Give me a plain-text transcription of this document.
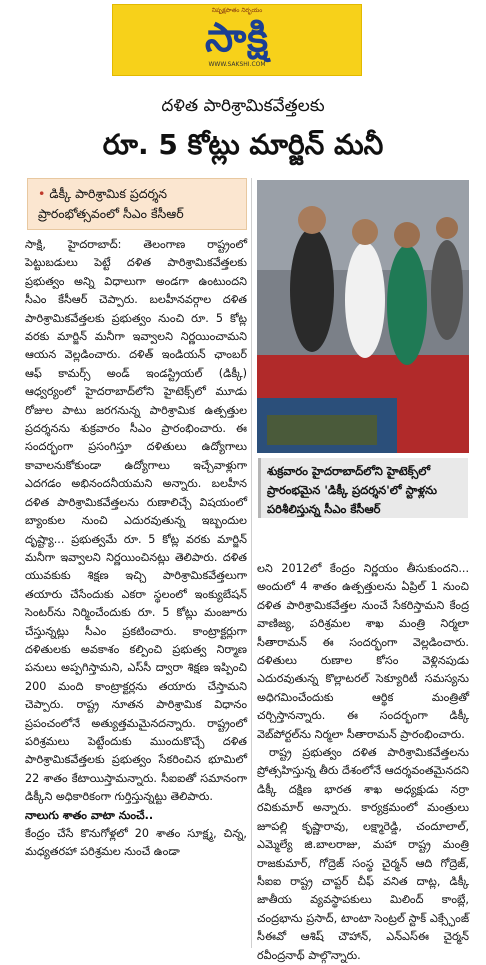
నిష్పక్షపాతం నిర్భయం
సాక్షి
WWW.SAKSHI.COM
దళిత పారిశ్రామికవేత్తలకు
రూ. 5 కోట్లు మార్జిన్ మనీ
• డిక్కీ పారిశ్రామిక ప్రదర్శన
ప్రారంభోత్సవంలో సీఎం కేసీఆర్

సాక్షి, హైదరాబాద్: తెలంగాణ రాష్ట్రంలో పెట్టుబడులు పెట్టే దళిత పారిశ్రామికవేత్తలకు ప్రభుత్వం అన్ని విధాలుగా అండగా ఉంటుందని సీఎం కేసీఆర్ చెప్పారు. బలహీనవర్గాల దళిత పారిశ్రామికవేత్తలకు ప్రభుత్వం నుంచి రూ. 5 కోట్ల వరకు మార్జిన్ మనీగా ఇవ్వాలని నిర్ణయించామని ఆయన వెల్లడించారు. దళిత్ ఇండియన్ ఛాంబర్ ఆఫ్ కామర్స్ అండ్ ఇండస్ట్రియల్ (డిక్కీ) ఆధ్వర్యంలో హైదరాబాద్‌లోని హైటెక్స్‌లో మూడు రోజుల పాటు జరగనున్న పారిశ్రామిక ఉత్పత్తుల ప్రదర్శనను శుక్రవారం సీఎం ప్రారంభించారు. ఈ సందర్భంగా ప్రసంగిస్తూ దళితులు ఉద్యోగాలు కావాలనుకోకుండా ఉద్యోగాలు ఇచ్చేవాళ్లుగా ఎదగడం అభినందనీయమని అన్నారు. బలహీన దళిత పారిశ్రామికవేత్తలను రుణాలిచ్చే విషయంలో బ్యాంకుల నుంచి ఎదురవుతున్న ఇబ్బందుల దృష్ట్యా... ప్రభుత్వమే రూ. 5 కోట్ల వరకు మార్జిన్ మనీగా ఇవ్వాలని నిర్ణయించినట్లు తెలిపారు. దళిత యువకుకు శిక్షణ ఇచ్చి పారిశ్రామికవేత్తలుగా తయారు చేసేందుకు ఎకరా స్థలంలో ఇంక్యుబేషన్ సెంటర్‌ను నిర్మించేందుకు రూ. 5 కోట్లు మంజూరు చేస్తున్నట్లు సీఎం ప్రకటించారు. కాంట్రాక్టర్లుగా దళితులకు అవకాశం కల్పించి ప్రభుత్వ నిర్మాణ పనులు అప్పగిస్తామని, ఎస్‌సీ ద్వారా శిక్షణ ఇప్పించి 200 మంది కాంట్రాక్టర్లను తయారు చేస్తామని చెప్పారు. రాష్ట్ర నూతన పారిశ్రామిక విధానం ప్రపంచంలోనే అత్యుత్తమమైనదన్నారు. రాష్ట్రంలో పరిశ్రమలు పెట్టేందుకు ముందుకొచ్చే దళిత పారిశ్రామికవేత్తలకు ప్రభుత్వం సేకరించిన భూమిలో 22 శాతం కేటాయిస్తామన్నారు. సీఐఐతో సమానంగా డిక్కీని అధికారికంగా గుర్తిస్తున్నట్టు తెలిపారు.

నాలుగు శాతం వాటా నుంచే..

కేంద్రం చేసే కొనుగోళ్లలో 20 శాతం సూక్ష్మ, చిన్న, మధ్యతరహా పరిశ్రమల నుంచే ఉండా

శుక్రవారం హైదరాబాద్‌లోని హైటెక్స్‌లో ప్రారంభమైన 'డిక్కీ ప్రదర్శన'లో స్టాళ్లను పరిశీలిస్తున్న సీఎం కేసీఆర్

లని 2012లో కేంద్రం నిర్ణయం తీసుకుందని... అందులో 4 శాతం ఉత్పత్తులను ఏప్రిల్ 1 నుంచి దళిత పారిశ్రామికవేత్తల నుంచే సేకరిస్తామని కేంద్ర వాణిజ్య, పరిశ్రమల శాఖ మంత్రి నిర్మలా సీతారామన్ ఈ సందర్భంగా వెల్లడించారు. దళితులు రుణాల కోసం వెళ్లినపుడు ఎదురవుతున్న కొల్లాటరల్ సెక్యూరిటీ సమస్యను అధిగమించేందుకు ఆర్థిక మంత్రితో చర్చిస్తానన్నారు. ఈ సందర్భంగా డిక్కీ వెబ్‌పోర్టల్‌ను నిర్మలా సీతారామన్ ప్రారంభించారు.

రాష్ట్ర ప్రభుత్వం దళిత పారిశ్రామికవేత్తలను ప్రోత్సహిస్తున్న తీరు దేశంలోనే ఆదర్శవంతమైనదని డిక్కీ దక్షిణ భారత శాఖ అధ్యక్షుడు నర్రా రవికుమార్ అన్నారు. కార్యక్రమంలో మంత్రులు జూపల్లి కృష్ణారావు, లక్ష్మారెడ్డి, చందూలాల్, ఎమ్మెల్యే జి.బాలరాజు, మహా రాష్ట్ర మంత్రి రాజకుమార్, గోద్రెజ్ సంస్థ చైర్మన్ ఆది గోద్రెజ్, సీఐఐ రాష్ట్ర చాప్టర్ చీఫ్ వనిత దాట్ల, డిక్కీ జాతీయ వ్యవస్థాపకులు మిలింద్ కాంబ్లే, చంద్రభాను ప్రసాద్, టాంటా సెంట్రల్ స్టాక్ ఎక్స్ఛేంజ్ సీఈవో ఆశిష్ చౌహాన్, ఎన్‌ఎస్‌ఈ చైర్మన్ రవీంద్రనాథ్ పాల్గొన్నారు.
